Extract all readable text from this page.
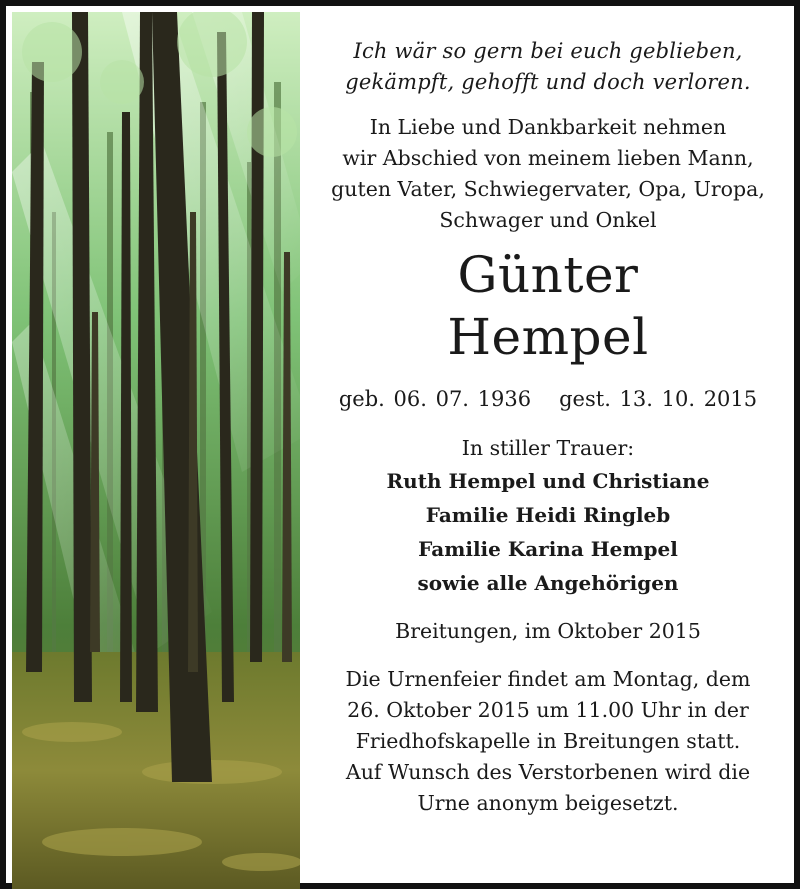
Ich wär so gern bei euch geblieben,
gekämpft, gehofft und doch verloren.
In Liebe und Dankbarkeit nehmen
wir Abschied von meinem lieben Mann,
guten Vater, Schwiegervater, Opa, Uropa,
Schwager und Onkel
Günter
Hempel
geb. 06. 07. 1936 gest. 13. 10. 2015
In stiller Trauer:
Ruth Hempel und Christiane
Familie Heidi Ringleb
Familie Karina Hempel
sowie alle Angehörigen
Breitungen, im Oktober 2015
Die Urnenfeier findet am Montag, dem
26. Oktober 2015 um 11.00 Uhr in der
Friedhofskapelle in Breitungen statt.
Auf Wunsch des Verstorbenen wird die
Urne anonym beigesetzt.
